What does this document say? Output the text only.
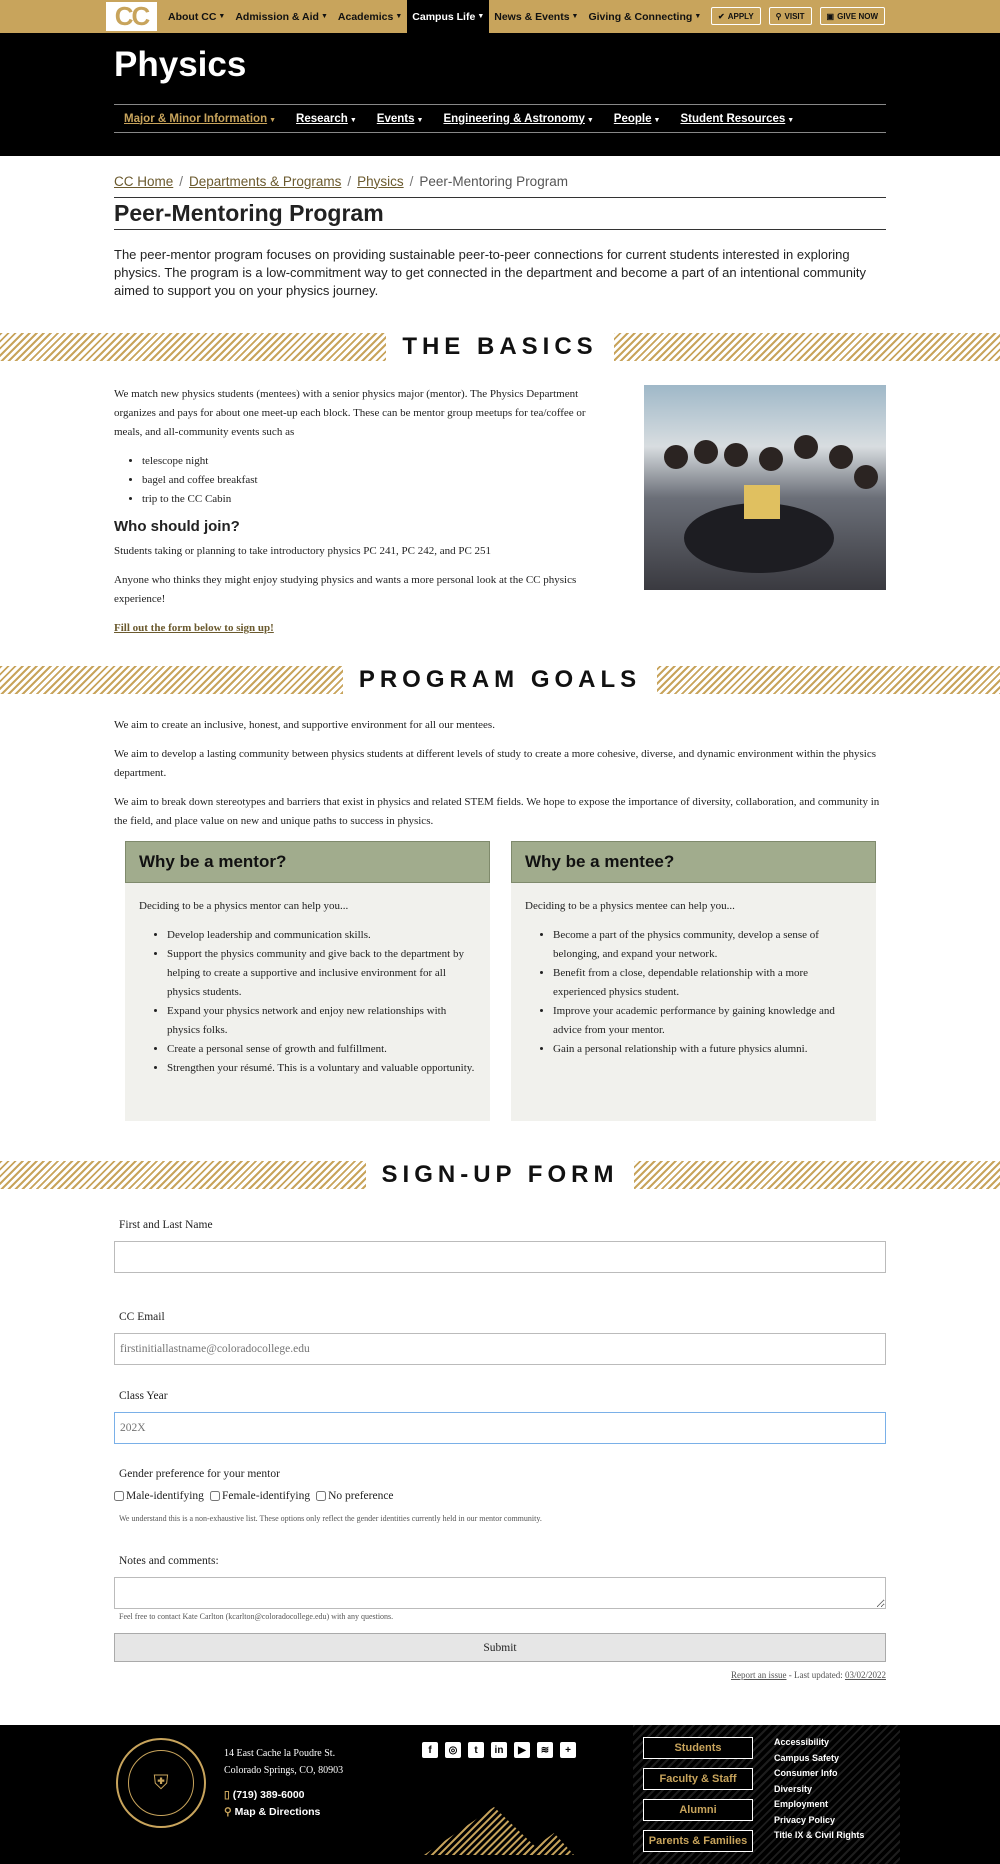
CC	About CC ▼ Admission & Aid ▼ Academics ▼ Campus Life ▼ News & Events ▼ Giving & Connecting ▼ ✔ APPLY	⚲ VISIT	▣ GIVE NOW
Physics
Major & Minor Information ▼ Research ▼ Events ▼ Engineering & Astronomy ▼ People ▼ Student Resources ▼
CC Home / Departments & Programs / Physics / Peer-Mentoring Program
Peer-Mentoring Program

The peer-mentor program focuses on providing sustainable peer-to-peer connections for current students interested in exploring physics. The program is a low-commitment way to get connected in the department and become a part of an intentional community aimed to support you on your physics journey.

THE BASICS

We match new physics students (mentees) with a senior physics major (mentor). The Physics Department organizes and pays for about one meet-up each block. These can be mentor group meetups for tea/coffee or meals, and all-community events such as

• telescope night
• bagel and coffee breakfast
• trip to the CC Cabin
Who should join?

Students taking or planning to take introductory physics PC 241, PC 242, and PC 251

Anyone who thinks they might enjoy studying physics and wants a more personal look at the CC physics experience!

Fill out the form below to sign up!

PROGRAM GOALS

We aim to create an inclusive, honest, and supportive environment for all our mentees.

We aim to develop a lasting community between physics students at different levels of study to create a more cohesive, diverse, and dynamic environment within the physics department.

We aim to break down stereotypes and barriers that exist in physics and related STEM fields. We hope to expose the importance of diversity, collaboration, and community in the field, and place value on new and unique paths to success in physics.

Why be a mentor?

Deciding to be a physics mentor can help you...

• Develop leadership and communication skills.
• Support the physics community and give back to the department by helping to create a supportive and inclusive environment for all physics students.
• Expand your physics network and enjoy new relationships with physics folks.
• Create a personal sense of growth and fulfillment.
• Strengthen your résumé. This is a voluntary and valuable opportunity.
Why be a mentee?

Deciding to be a physics mentee can help you...

• Become a part of the physics community, develop a sense of belonging, and expand your network.
• Benefit from a close, dependable relationship with a more experienced physics student.
• Improve your academic performance by gaining knowledge and advice from your mentor.
• Gain a personal relationship with a future physics alumni.
SIGN-UP FORM
First and Last Name
CC Email
firstinitiallastname@coloradocollege.edu
Class Year
202X
Gender preference for your mentor
Male-identifying Female-identifying No preference
We understand this is a non-exhaustive list. These options only reflect the gender identities currently held in our mentor community.
Notes and comments:
Feel free to contact Kate Carlton (kcarlton@coloradocollege.edu) with any questions.
Submit
Report an issue - Last updated: 03/02/2022
⛨
14 East Cache la Poudre St.
Colorado Springs, CO, 80903
▯ (719) 389-6000
⚲ Map & Directions
f	◎	t	in	▶	≋	+	Students
Faculty & Staff
Alumni
Parents & Families
Accessibility
Campus Safety
Consumer Info
Diversity
Employment
Privacy Policy
Title IX & Civil Rights
